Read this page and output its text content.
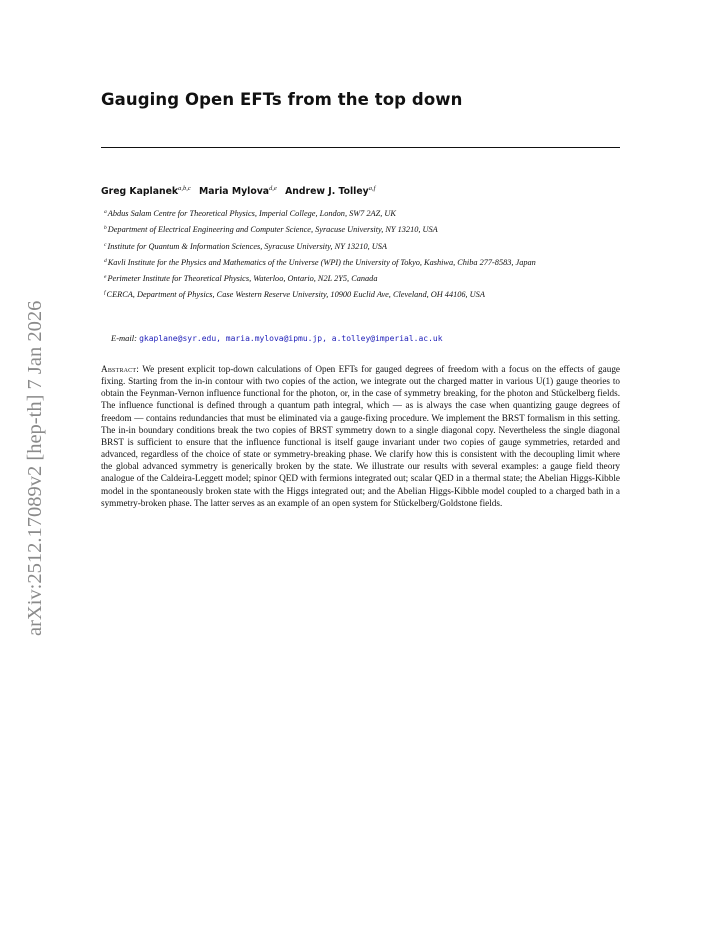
arXiv:2512.17089v2 [hep-th] 7 Jan 2026
Gauging Open EFTs from the top down
Greg Kaplanek$^{a,b,c}$ Maria Mylova$^{d,e}$ Andrew J. Tolley$^{a,f}$

$^a$Abdus Salam Centre for Theoretical Physics, Imperial College, London, SW7 2AZ, UK

$^b$Department of Electrical Engineering and Computer Science, Syracuse University, NY 13210, USA

$^c$Institute for Quantum & Information Sciences, Syracuse University, NY 13210, USA

$^d$Kavli Institute for the Physics and Mathematics of the Universe (WPI) the University of Tokyo, Kashiwa, Chiba 277-8583, Japan

$^e$Perimeter Institute for Theoretical Physics, Waterloo, Ontario, N2L 2Y5, Canada

$^f$CERCA, Department of Physics, Case Western Reserve University, 10900 Euclid Ave, Cleveland, OH 44106, USA

E-mail: gkaplane@syr.edu, maria.mylova@ipmu.jp, a.tolley@imperial.ac.uk

Abstract: We present explicit top-down calculations of Open EFTs for gauged degrees of freedom with a focus on the effects of gauge fixing. Starting from the in-in contour with two copies of the action, we integrate out the charged matter in various U(1) gauge theories to obtain the Feynman-Vernon influence functional for the photon, or, in the case of symmetry breaking, for the photon and Stückelberg fields. The influence functional is defined through a quantum path integral, which — as is always the case when quantizing gauge degrees of freedom — contains redundancies that must be eliminated via a gauge-fixing procedure. We implement the BRST formalism in this setting. The in-in boundary conditions break the two copies of BRST symmetry down to a single diagonal copy. Nevertheless the single diagonal BRST is sufficient to ensure that the influence functional is itself gauge invariant under two copies of gauge symmetries, retarded and advanced, regardless of the choice of state or symmetry-breaking phase. We clarify how this is consistent with the decoupling limit where the global advanced symmetry is generically broken by the state. We illustrate our results with several examples: a gauge field theory analogue of the Caldeira-Leggett model; spinor QED with fermions integrated out; scalar QED in a thermal state; the Abelian Higgs-Kibble model in the spontaneously broken state with the Higgs integrated out; and the Abelian Higgs-Kibble model coupled to a charged bath in a symmetry-broken phase. The latter serves as an example of an open system for Stückelberg/Goldstone fields.
